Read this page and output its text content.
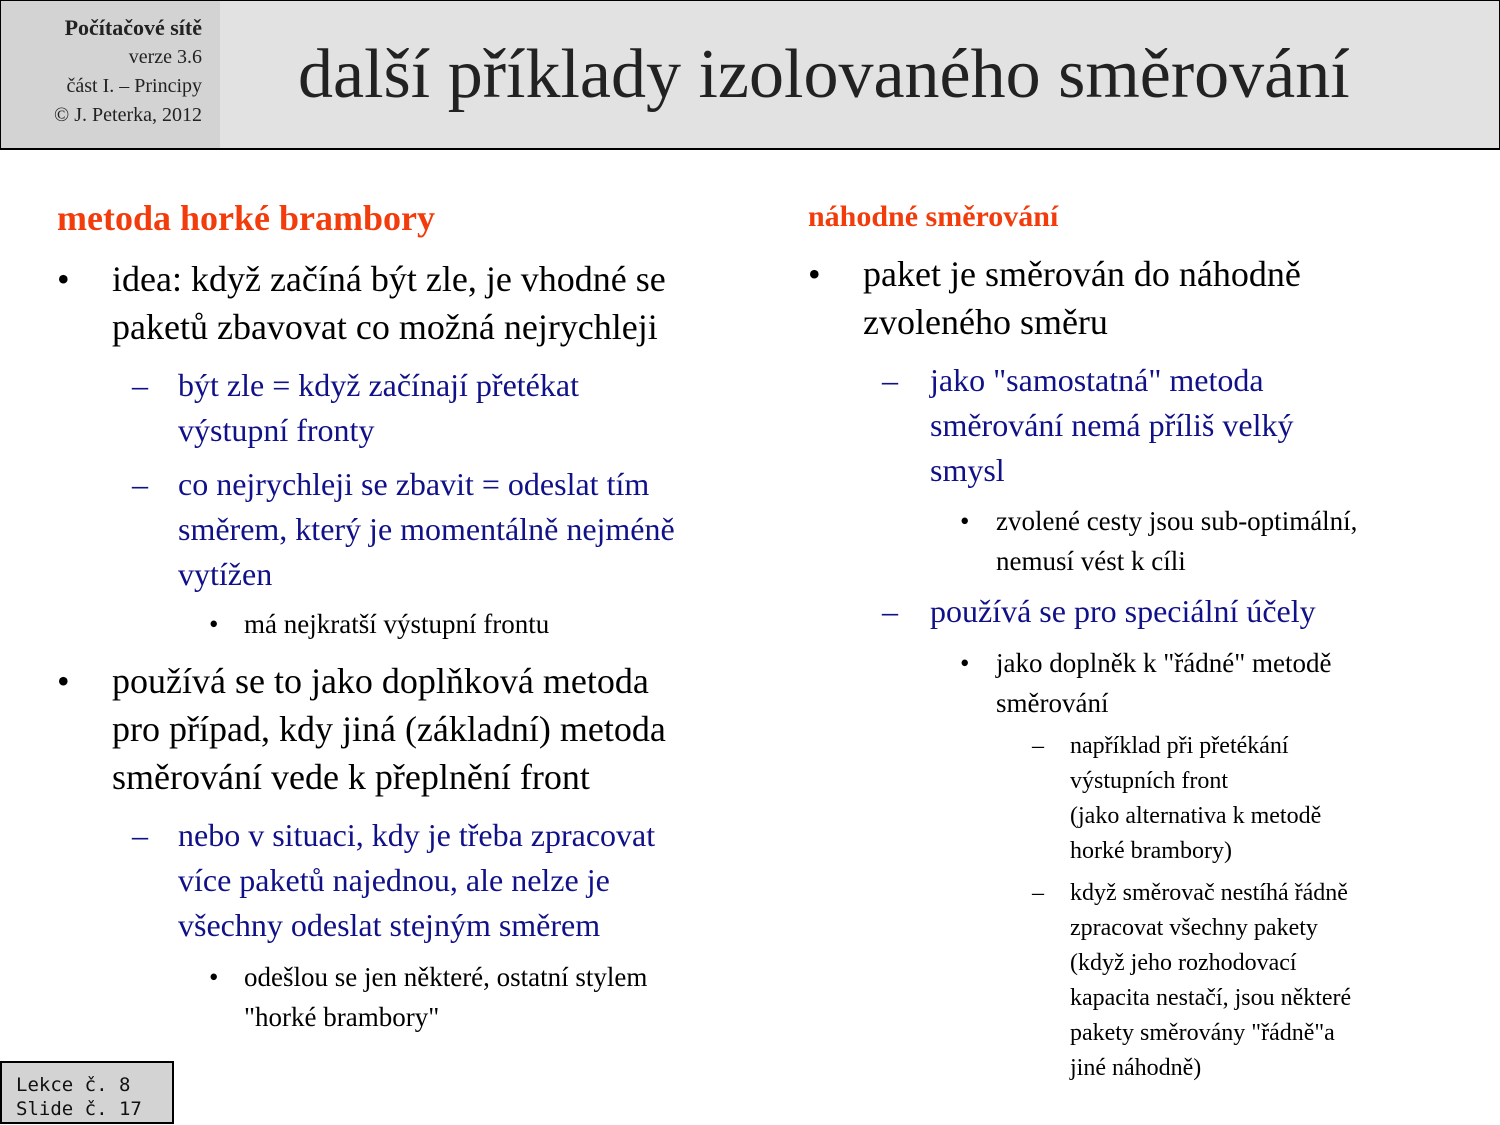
Počítačové sítě
verze 3.6
část I. – Principy
© J. Peterka, 2012
další příklady izolovaného směrování
metoda horké brambory
• idea: když začíná být zle, je vhodné se
paketů zbavovat co možná nejrychleji
– být zle = když začínají přetékat
výstupní fronty
– co nejrychleji se zbavit = odeslat tím
směrem, který je momentálně nejméně
vytížen
• má nejkratší výstupní frontu
• používá se to jako doplňková metoda
pro případ, kdy jiná (základní) metoda
směrování vede k přeplnění front
– nebo v situaci, kdy je třeba zpracovat
více paketů najednou, ale nelze je
všechny odeslat stejným směrem
• odešlou se jen některé, ostatní stylem
"horké brambory"
náhodné směrování
• paket je směrován do náhodně
zvoleného směru
– jako "samostatná" metoda
směrování nemá příliš velký
smysl
• zvolené cesty jsou sub-optimální,
nemusí vést k cíli
– používá se pro speciální účely
• jako doplněk k "řádné" metodě
směrování
– například při přetékání
výstupních front
(jako alternativa k metodě
horké brambory)
– když směrovač nestíhá řádně
zpracovat všechny pakety
(když jeho rozhodovací
kapacita nestačí, jsou některé
pakety směrovány "řádně"a
jiné náhodně)
Lekce č. 8
Slide č. 17
